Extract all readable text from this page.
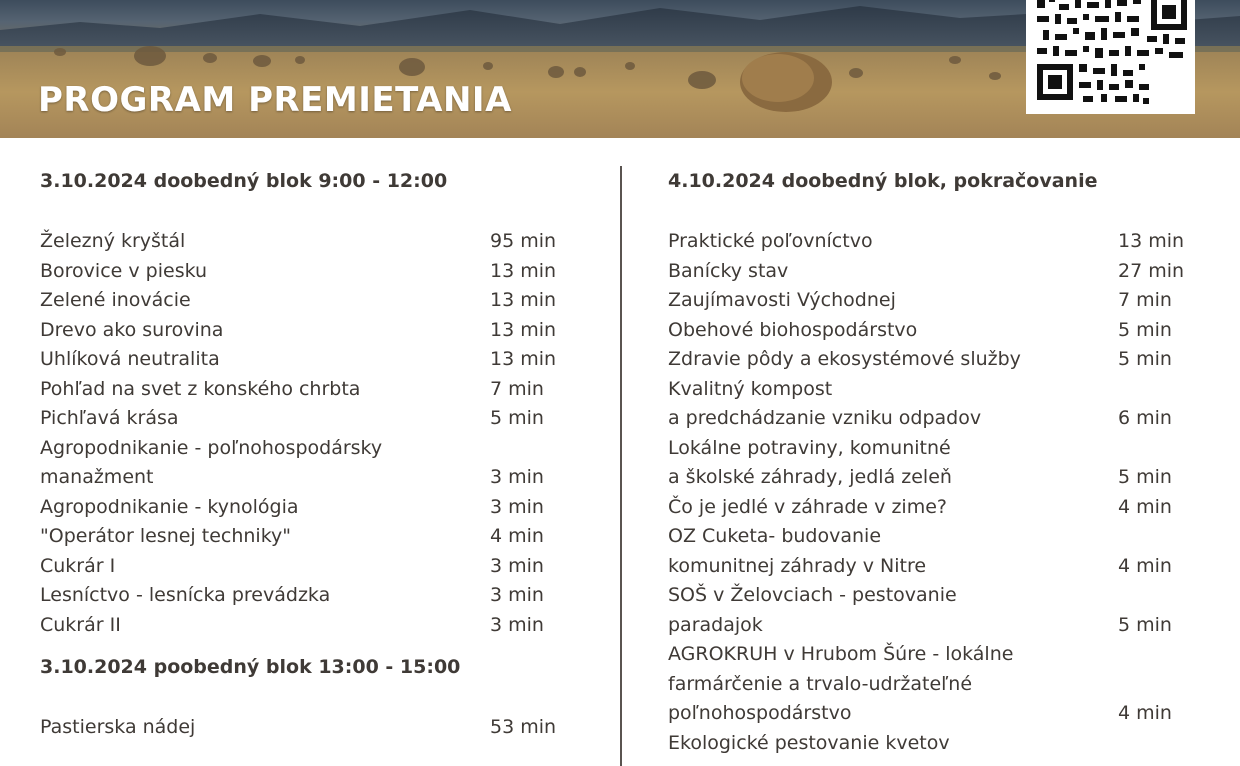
PROGRAM PREMIETANIA
3.10.2024 doobedný blok 9:00 - 12:00
Železný kryštál	95 min
Borovice v piesku	13 min
Zelené inovácie	13 min
Drevo ako surovina	13 min
Uhlíková neutralita	13 min
Pohľad na svet z konského chrbta	7 min
Pichľavá krása	5 min
Agropodnikanie - poľnohospodársky
manažment	3 min
Agropodnikanie - kynológia	3 min
"Operátor lesnej techniky"	4 min
Cukrár I	3 min
Lesníctvo - lesnícka prevádzka	3 min
Cukrár II	3 min
3.10.2024 poobedný blok 13:00 - 15:00
Pastierska nádej	53 min
4.10.2024 doobedný blok, pokračovanie
Praktické poľovníctvo	13 min
Banícky stav	27 min
Zaujímavosti Východnej	7 min
Obehové biohospodárstvo	5 min
Zdravie pôdy a ekosystémové služby	5 min
Kvalitný kompost
a predchádzanie vzniku odpadov	6 min
Lokálne potraviny, komunitné
a školské záhrady, jedlá zeleň	5 min
Čo je jedlé v záhrade v zime?	4 min
OZ Cuketa- budovanie
komunitnej záhrady v Nitre	4 min
SOŠ v Želovciach - pestovanie
paradajok	5 min
AGROKRUH v Hrubom Šúre - lokálne
farmárčenie a trvalo-udržateľné
poľnohospodárstvo	4 min
Ekologické pestovanie kvetov
